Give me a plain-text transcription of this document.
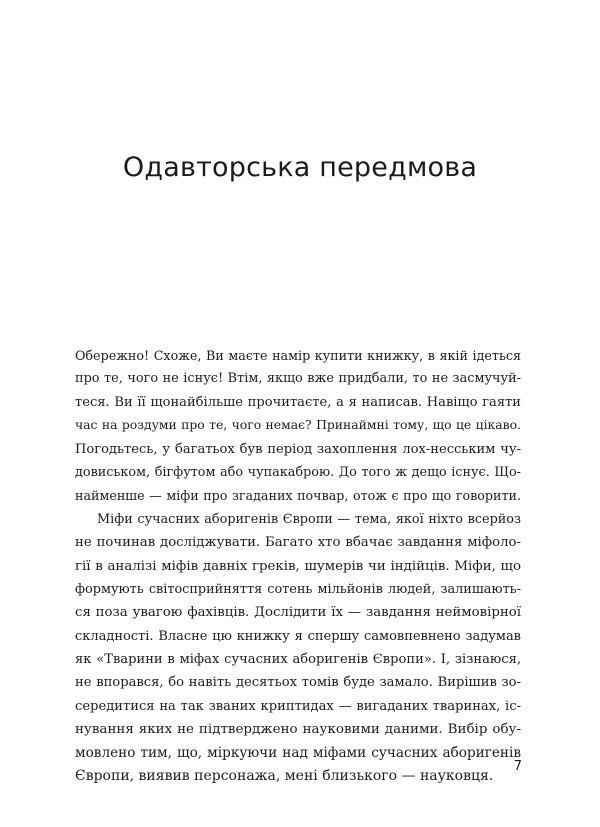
Одавторська передмова
Обережно! Схоже, Ви маєте намір купити книжку, в якій ідеться
про те, чого не існує! Втім, якщо вже придбали, то не засмучуй-
теся. Ви її щонайбільше прочитаєте, а я написав. Навіщо гаяти
час на роздуми про те, чого немає? Принаймні тому, що це цікаво.
Погодьтесь, у багатьох був період захоплення лох-несським чу-
довиськом, бігфутом або чупакаброю. До того ж дещо існує. Що-
найменше — міфи про згаданих почвар, отож є про що говорити.
Міфи сучасних аборигенів Європи — тема, якої ніхто всерйоз
не починав досліджувати. Багато хто вбачає завдання міфоло-
гії в аналізі міфів давніх греків, шумерів чи індійців. Міфи, що
формують світосприйняття сотень мільйонів людей, залишають-
ся поза увагою фахівців. Дослідити їх — завдання неймовірної
складності. Власне цю книжку я спершу самовпевнено задумав
як «Тварини в міфах сучасних аборигенів Європи». І, зізнаюся,
не впорався, бо навіть десятьох томів буде замало. Вирішив зо-
середитися на так званих криптидах — вигаданих тваринах, іс-
нування яких не підтверджено науковими даними. Вибір обу-
мовлено тим, що, міркуючи над міфами сучасних аборигенів
Європи, виявив персонажа, мені близького — науковця.
7
